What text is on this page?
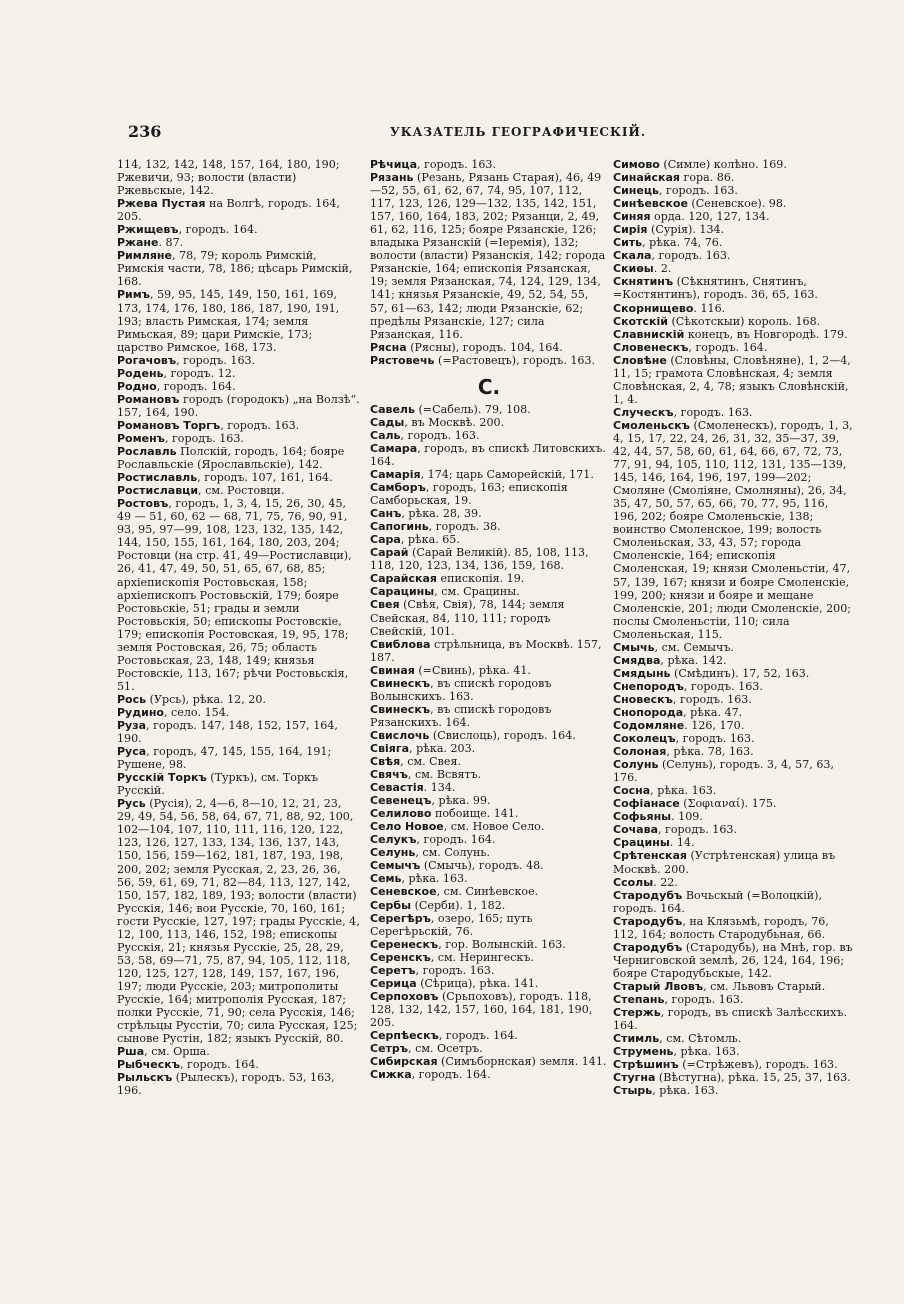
236	УКАЗАТЕЛЬ ГЕОГРАФИЧЕСКІЙ.
114, 132, 142, 148, 157, 164, 180, 190; Ржевичи, 93; волости (власти) Ржевьскые, 142.
Ржева Пустая на Волгѣ, городъ. 164, 205.
Ржищевъ, городъ. 164.
Ржане. 87.
Римляне, 78, 79; король Римскій, Римскія части, 78, 186; цѣсарь Римскій, 168.
Римъ, 59, 95, 145, 149, 150, 161, 169, 173, 174, 176, 180, 186, 187, 190, 191, 193; власть Римская, 174; земля Римьская, 89; цари Римскіе, 173; царство Римское, 168, 173.
Рогачовъ, городъ. 163.
Родень, городъ. 12.
Родно, городъ. 164.
Романовъ городъ (городокъ) „на Волзѣ“. 157, 164, 190.
Романовъ Торгъ, городъ. 163.
Роменъ, городъ. 163.
Рославль Полскій, городъ, 164; бояре Рославльскіе (Ярославльскіе), 142.
Ростиславль, городъ. 107, 161, 164.
Ростиславци, см. Ростовци.
Ростовъ, городъ, 1, 3, 4, 15, 26, 30, 45, 49 — 51, 60, 62 — 68, 71, 75, 76, 90, 91, 93, 95, 97—99, 108, 123, 132, 135, 142, 144, 150, 155, 161, 164, 180, 203, 204; Ростовци (на стр. 41, 49—Ростиславци), 26, 41, 47, 49, 50, 51, 65, 67, 68, 85; архіепископія Ростовьская, 158; архіепископъ Ростовьскій, 179; бояре Ростовьскіе, 51; грады и земли Ростовьскія, 50; епископы Ростовскіе, 179; епископія Ростовская, 19, 95, 178; земля Ростовская, 26, 75; область Ростовьская, 23, 148, 149; князья Ростовскіе, 113, 167; рѣчи Ростовьскія, 51.
Рось (Урсь), рѣка. 12, 20.
Рудино, село. 154.
Руза, городъ. 147, 148, 152, 157, 164, 190.
Руса, городъ, 47, 145, 155, 164, 191; Рушене, 98.
Русскій Торкъ (Туркъ), см. Торкъ Русскій.
Русь (Русія), 2, 4—6, 8—10, 12, 21, 23, 29, 49, 54, 56, 58, 64, 67, 71, 88, 92, 100, 102—104, 107, 110, 111, 116, 120, 122, 123, 126, 127, 133, 134, 136, 137, 143, 150, 156, 159—162, 181, 187, 193, 198, 200, 202; земля Русская, 2, 23, 26, 36, 56, 59, 61, 69, 71, 82—84, 113, 127, 142, 150, 157, 182, 189, 193; волости (власти) Русскія, 146; вои Русскіе, 70, 160, 161; гости Русскіе, 127, 197; грады Русскіе, 4, 12, 100, 113, 146, 152, 198; епископы Русскія, 21; князья Русскіе, 25, 28, 29, 53, 58, 69—71, 75, 87, 94, 105, 112, 118, 120, 125, 127, 128, 149, 157, 167, 196, 197; люди Русскіе, 203; митрополиты Русскіе, 164; митрополія Русская, 187; полки Русскіе, 71, 90; села Русскія, 146; стрѣльцы Русстіи, 70; сила Русская, 125; сынове Рустін, 182; языкъ Русскій, 80.
Рша, см. Орша.
Рыбческъ, городъ. 164.
Рыльскъ (Рылескъ), городъ. 53, 163, 196.
Рѣчица, городъ. 163.
Рязань (Резань, Рязань Старая), 46, 49—52, 55, 61, 62, 67, 74, 95, 107, 112, 117, 123, 126, 129—132, 135, 142, 151, 157, 160, 164, 183, 202; Рязанци, 2, 49, 61, 62, 116, 125; бояре Рязанскіе, 126; владыка Рязанскій (=Іеремія), 132; волости (власти) Рязанскія, 142; города Рязанскіе, 164; епископія Рязанская, 19; земля Рязанская, 74, 124, 129, 134, 141; князья Рязанскіе, 49, 52, 54, 55, 57, 61—63, 142; люди Рязанскіе, 62; предѣлы Рязанскіе, 127; сила Рязанская, 116.
Рясна (Рясны), городъ. 104, 164.
Рястовечь (=Растовецъ), городъ. 163.
С.
Савель (=Сабель). 79, 108.
Сады, въ Москвѣ. 200.
Саль, городъ. 163.
Самара, городъ, въ спискѣ Литовскихъ. 164.
Самарія, 174; царь Саморейскій, 171.
Самборъ, городъ, 163; епископія Самборьская, 19.
Санъ, рѣка. 28, 39.
Сапогинь, городъ. 38.
Сара, рѣка. 65.
Сарай (Сарай Великій). 85, 108, 113, 118, 120, 123, 134, 136, 159, 168.
Сарайская епископія. 19.
Сарацины, см. Срацины.
Свея (Свѣя, Свія), 78, 144; земля Свейская, 84, 110, 111; городъ Свейскій, 101.
Свиблова стрѣльница, въ Москвѣ. 157, 187.
Свиная (=Свинь), рѣка. 41.
Свинескъ, въ спискѣ городовъ Волынскихъ. 163.
Свинескъ, въ спискѣ городовъ Рязанскихъ. 164.
Свислочь (Свислоць), городъ. 164.
Свіяга, рѣка. 203.
Свѣя, см. Свея.
Свячъ, см. Всвятъ.
Севастія. 134.
Севенецъ, рѣка. 99.
Селилово побоище. 141.
Село Новое, см. Новое Село.
Селукъ, городъ. 164.
Селунь, см. Солунь.
Семычъ (Смычь), городъ. 48.
Семь, рѣка. 163.
Сеневское, см. Синѣевское.
Сербы (Серби). 1, 182.
Серегѣръ, озеро, 165; путь Серегѣрьскій, 76.
Серенескъ, гор. Волынскій. 163.
Серенскъ, см. Нерингескъ.
Серетъ, городъ. 163.
Серица (Сѣрица), рѣка. 141.
Серпоховъ (Срьпоховъ), городъ. 118, 128, 132, 142, 157, 160, 164, 181, 190, 205.
Серпѣескъ, городъ. 164.
Сетръ, см. Осетръ.
Сибирская (Симъборнская) земля. 141.
Сижка, городъ. 164.
Симово (Симле) колѣно. 169.
Синайская гора. 86.
Синець, городъ. 163.
Синѣевское (Сеневское). 98.
Синяя орда. 120, 127, 134.
Сирія (Сурія). 134.
Сить, рѣка. 74, 76.
Скала, городъ. 163.
Скиѳы. 2.
Скнятинъ (Сѣкнятинъ, Снятинъ, =Костянтинъ), городъ. 36, 65, 163.
Скорнищево. 116.
Скотскій (Сѣкотскыи) король. 168.
Славнискій конецъ, въ Новгородѣ. 179.
Словенескъ, городъ. 164.
Словѣне (Словѣны, Словѣняне), 1, 2—4, 11, 15; грамота Словѣнская, 4; земля Словѣнская, 2, 4, 78; языкъ Словѣнскій, 1, 4.
Случескъ, городъ. 163.
Смоленьскъ (Смоленескъ), городъ, 1, 3, 4, 15, 17, 22, 24, 26, 31, 32, 35—37, 39, 42, 44, 57, 58, 60, 61, 64, 66, 67, 72, 73, 77, 91, 94, 105, 110, 112, 131, 135—139, 145, 146, 164, 196, 197, 199—202; Смоляне (Смоліяне, Смолняны), 26, 34, 35, 47, 50, 57, 65, 66, 70, 77, 95, 116, 196, 202; бояре Смоленьскіе, 138; воинство Смоленское, 199; волость Смоленьская, 33, 43, 57; города Смоленскіе, 164; епископія Смоленская, 19; князи Смоленьстіи, 47, 57, 139, 167; князи и бояре Смоленскіе, 199, 200; князи и бояре и мещане Смоленскіе, 201; люди Смоленскіе, 200; послы Смоленьстіи, 110; сила Смоленьская, 115.
Смычь, см. Семычъ.
Смядва, рѣка. 142.
Смядынь (Смѣдинъ). 17, 52, 163.
Снепородъ, городъ. 163.
Сновескъ, городъ. 163.
Снопорода, рѣка. 47.
Содомляне. 126, 170.
Соколецъ, городъ. 163.
Солоная, рѣка. 78, 163.
Солунь (Селунь), городъ. 3, 4, 57, 63, 176.
Сосна, рѣка. 163.
Софіанасе (Σοφιαναί). 175.
Софьяны. 109.
Сочава, городъ. 163.
Срацины. 14.
Срѣтенская (Устрѣтенская) улица въ Москвѣ. 200.
Ссолы. 22.
Стародубъ Вочьскый (=Волоцкій), городъ. 164.
Стародубъ, на Клязьмѣ, городъ, 76, 112, 164; волость Стародубьная, 66.
Стародубъ (Стародубь), на Мнѣ, гор. въ Черниговской землѣ, 26, 124, 164, 196; бояре Стародубьскые, 142.
Старый Лвовъ, см. Львовъ Старый.
Степань, городъ. 163.
Стержь, городъ, въ спискѣ Залѣсскихъ. 164.
Стимль, см. Сѣтомль.
Струмень, рѣка. 163.
Стрѣшинъ (=Стрѣжевъ), городъ. 163.
Стугна (Вѣстугна), рѣка. 15, 25, 37, 163.
Стырь, рѣка. 163.
